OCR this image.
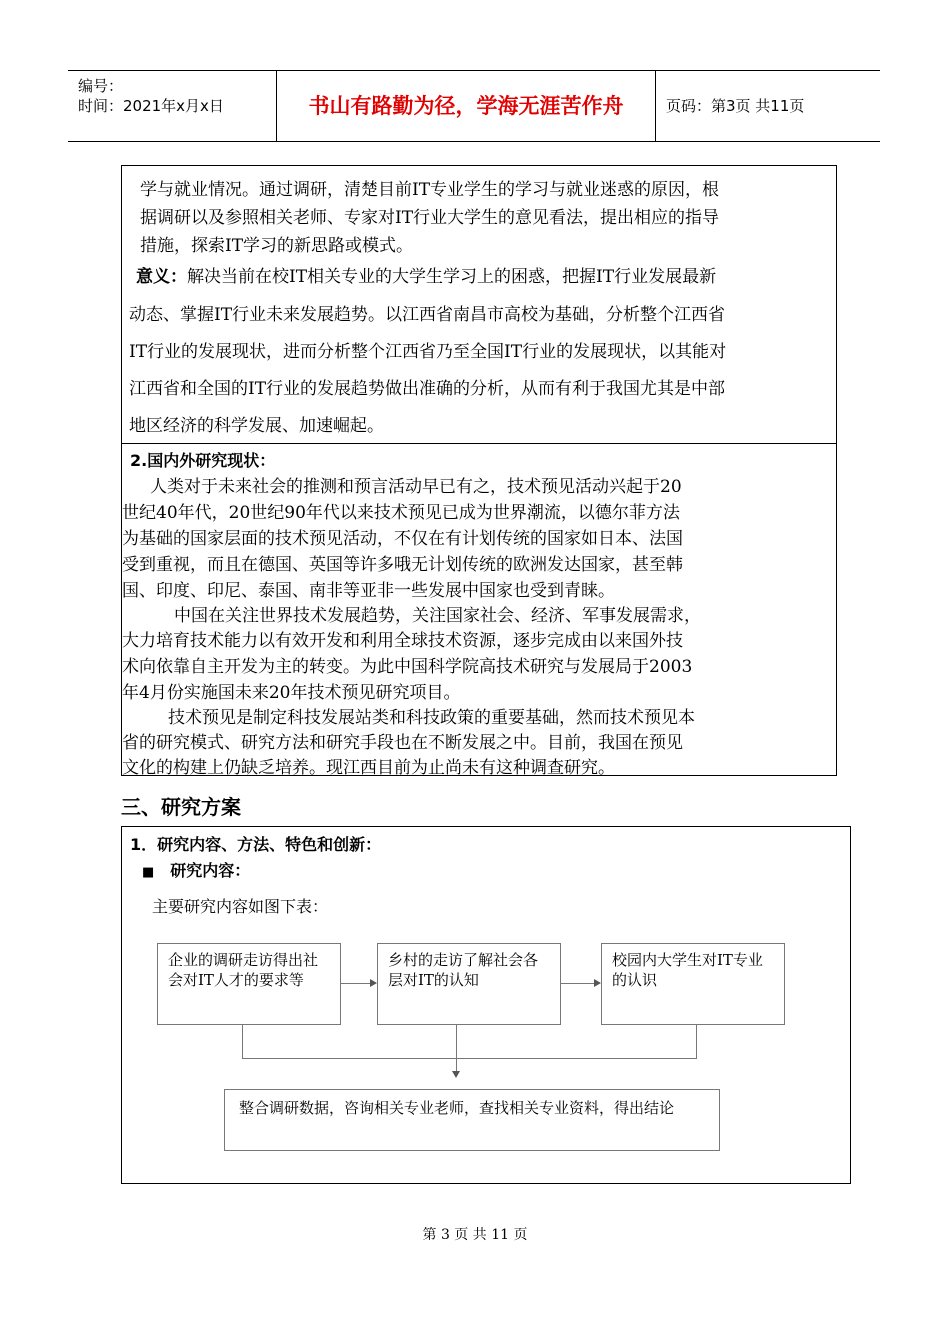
编号：
时间：2021年x月x日	书山有路勤为径，学海无涯苦作舟	页码：第3页 共11页
学与就业情况。通过调研，清楚目前IT专业学生的学习与就业迷惑的原因，根
据调研以及参照相关老师、专家对IT行业大学生的意见看法，提出相应的指导
措施，探索IT学习的新思路或模式。
意义：解决当前在校IT相关专业的大学生学习上的困惑，把握IT行业发展最新
动态、掌握IT行业未来发展趋势。以江西省南昌市高校为基础，分析整个江西省
IT行业的发展现状，进而分析整个江西省乃至全国IT行业的发展现状，以其能对
江西省和全国的IT行业的发展趋势做出准确的分析，从而有利于我国尤其是中部
地区经济的科学发展、加速崛起。
2.国内外研究现状：
人类对于未来社会的推测和预言活动早已有之，技术预见活动兴起于20
世纪40年代，20世纪90年代以来技术预见已成为世界潮流，以德尔菲方法
为基础的国家层面的技术预见活动，不仅在有计划传统的国家如日本、法国
受到重视，而且在德国、英国等许多哦无计划传统的欧洲发达国家，甚至韩
国、印度、印尼、泰国、南非等亚非一些发展中国家也受到青睐。
中国在关注世界技术发展趋势，关注国家社会、经济、军事发展需求，
大力培育技术能力以有效开发和利用全球技术资源，逐步完成由以来国外技
术向依靠自主开发为主的转变。为此中国科学院高技术研究与发展局于2003
年4月份实施国未来20年技术预见研究项目。
技术预见是制定科技发展站类和科技政策的重要基础，然而技术预见本
省的研究模式、研究方法和研究手段也在不断发展之中。目前，我国在预见
文化的构建上仍缺乏培养。现江西目前为止尚未有这种调查研究。
三、研究方案
1．研究内容、方法、特色和创新：
■ 研究内容：
主要研究内容如图下表：
企业的调研走访得出社会对IT人才的要求等
乡村的走访了解社会各层对IT的认知
校园内大学生对IT专业的认识
整合调研数据，咨询相关专业老师，查找相关专业资料，得出结论
第 3 页 共 11 页
